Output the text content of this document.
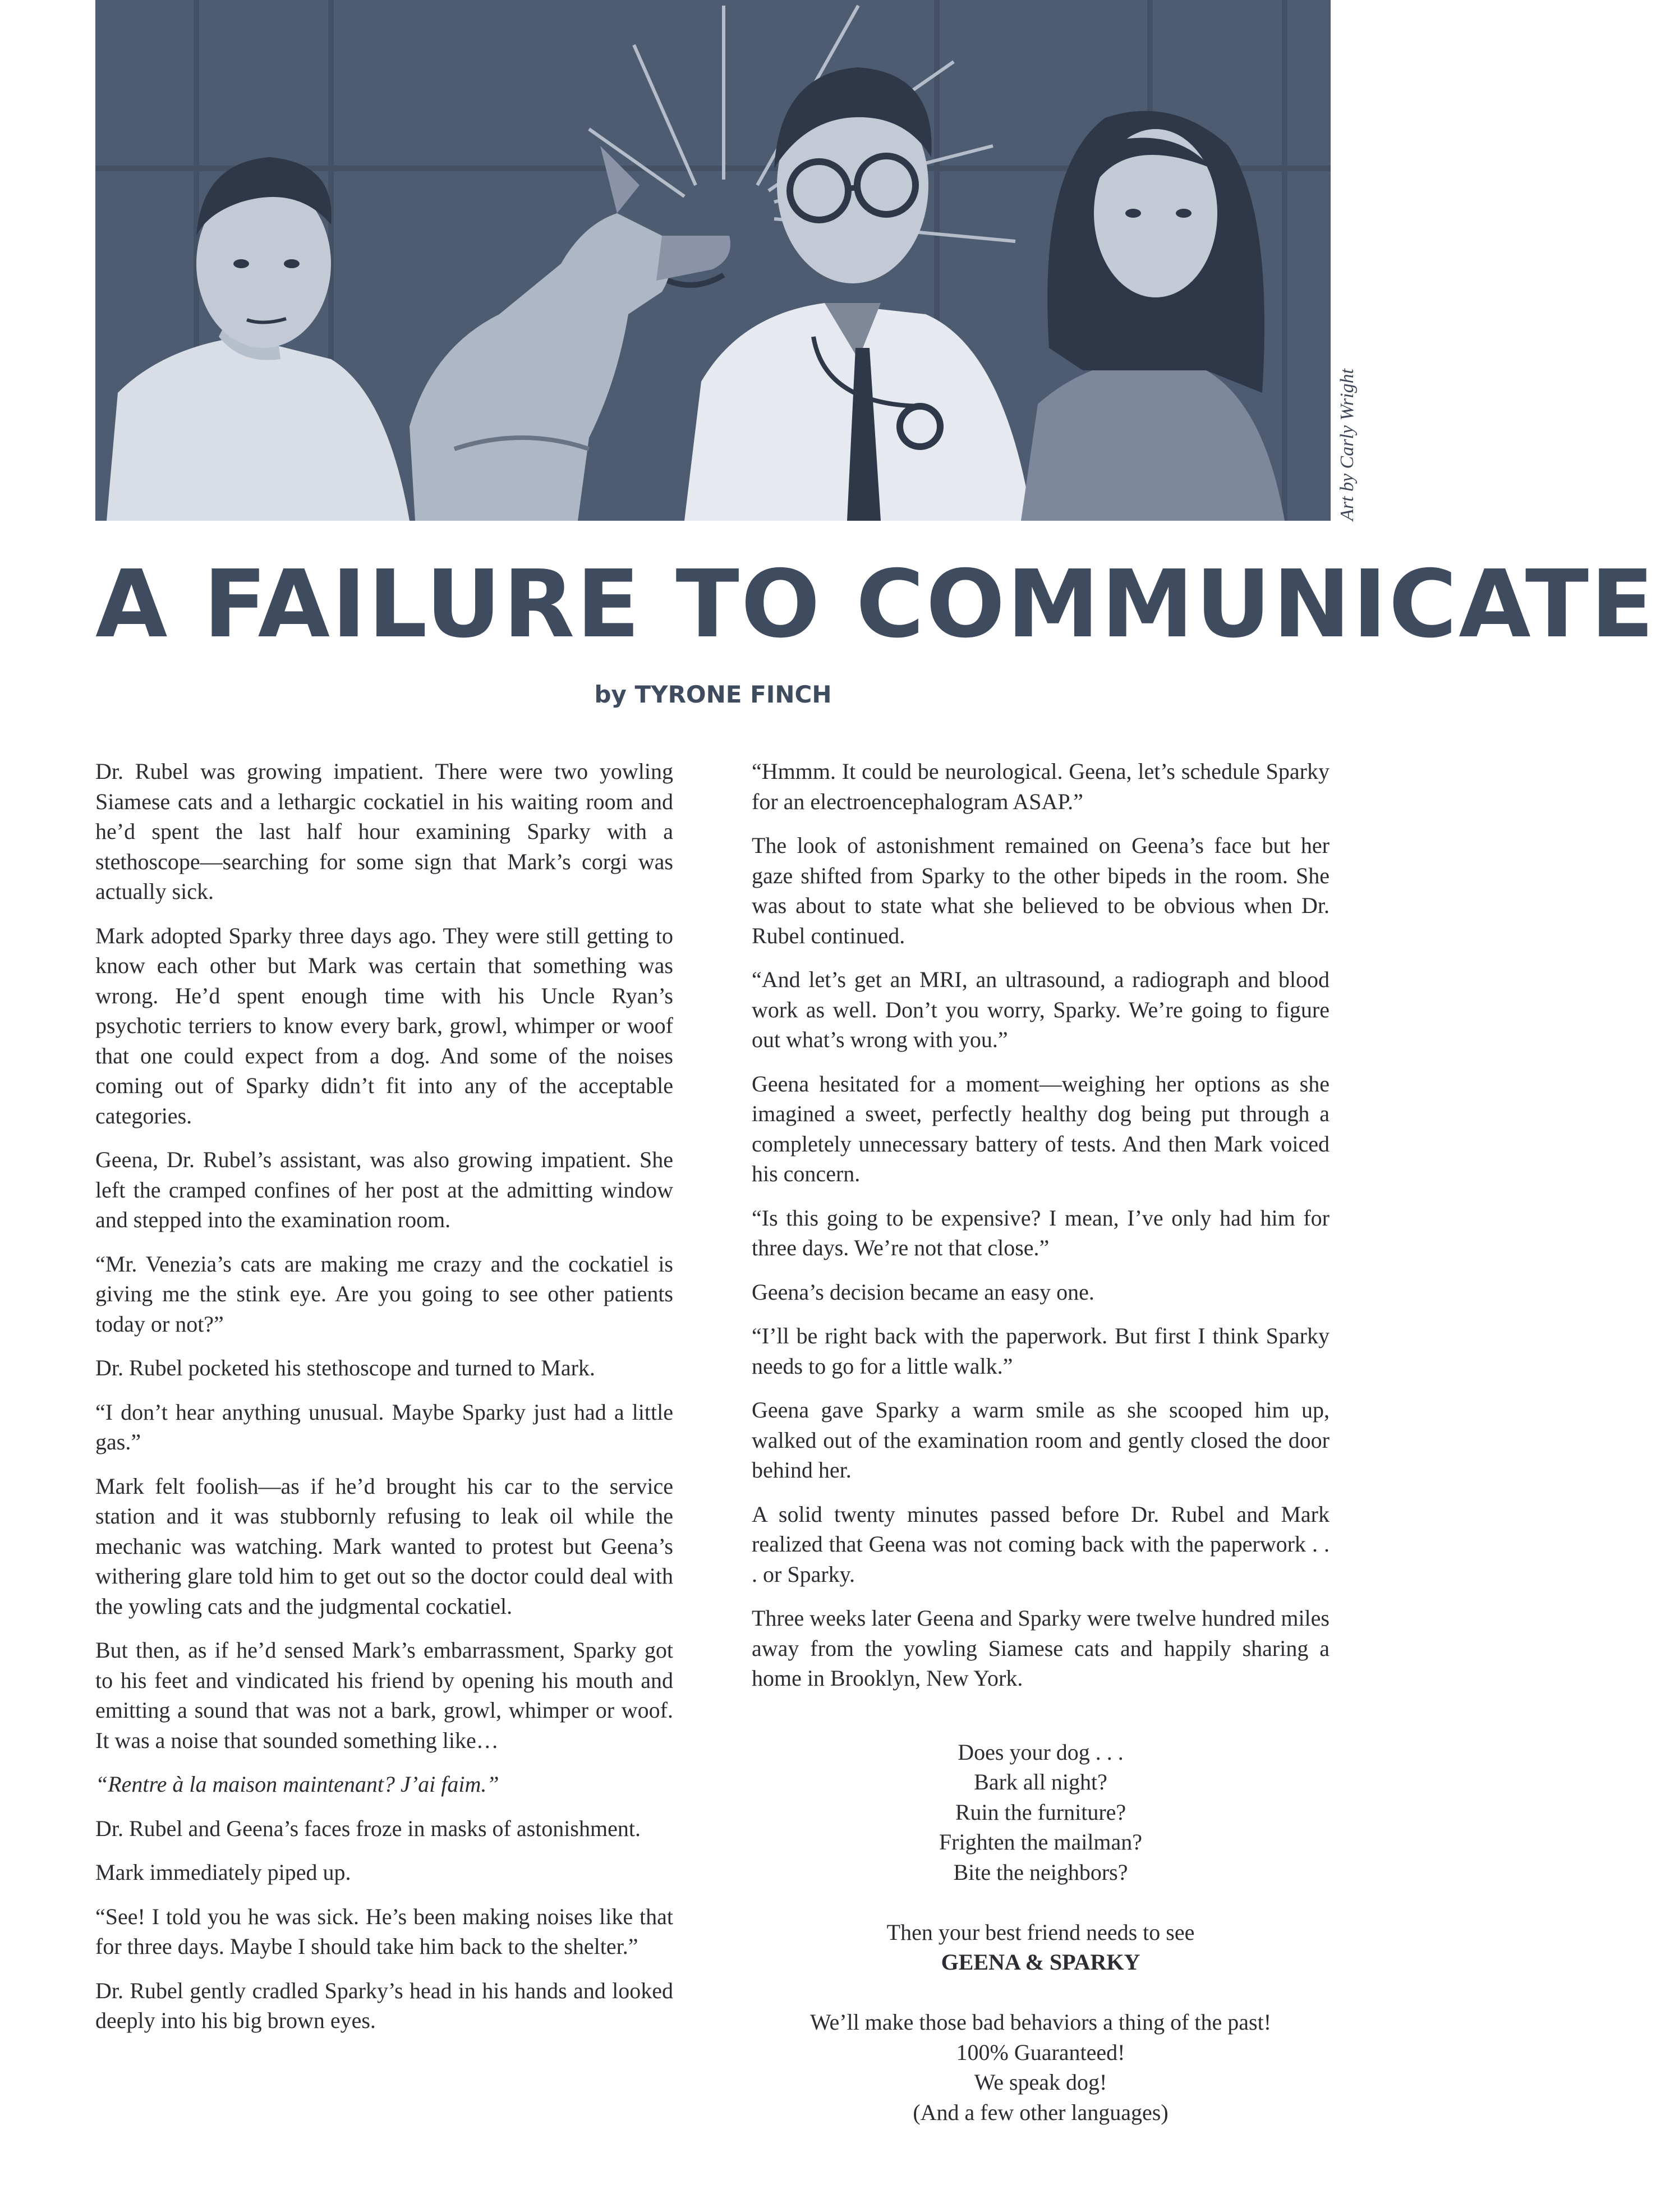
Art by Carly Wright
A FAILURE TO COMMUNICATE
by TYRONE FINCH

Dr. Rubel was growing impatient. There were two yowling Siamese cats and a lethargic cockatiel in his waiting room and he’d spent the last half hour examining Sparky with a stethoscope—searching for some sign that Mark’s corgi was actually sick.

Mark adopted Sparky three days ago. They were still getting to know each other but Mark was certain that something was wrong. He’d spent enough time with his Uncle Ryan’s psychotic terriers to know every bark, growl, whimper or woof that one could expect from a dog. And some of the noises coming out of Sparky didn’t fit into any of the acceptable categories.

Geena, Dr. Rubel’s assistant, was also growing impatient. She left the cramped confines of her post at the admitting window and stepped into the examination room.

“Mr. Venezia’s cats are making me crazy and the cockatiel is giving me the stink eye. Are you going to see other patients today or not?”

Dr. Rubel pocketed his stethoscope and turned to Mark.

“I don’t hear anything unusual. Maybe Sparky just had a little gas.”

Mark felt foolish—as if he’d brought his car to the service station and it was stubbornly refusing to leak oil while the mechanic was watching. Mark wanted to protest but Geena’s withering glare told him to get out so the doctor could deal with the yowling cats and the judgmental cockatiel.

But then, as if he’d sensed Mark’s embarrassment, Sparky got to his feet and vindicated his friend by opening his mouth and emitting a sound that was not a bark, growl, whimper or woof. It was a noise that sounded something like…

“Rentre à la maison maintenant? J’ai faim.”

Dr. Rubel and Geena’s faces froze in masks of astonishment.

Mark immediately piped up.

“See! I told you he was sick. He’s been making noises like that for three days. Maybe I should take him back to the shelter.”

Dr. Rubel gently cradled Sparky’s head in his hands and looked deeply into his big brown eyes.

“Hmmm. It could be neurological. Geena, let’s schedule Sparky for an electroencephalogram ASAP.”

The look of astonishment remained on Geena’s face but her gaze shifted from Sparky to the other bipeds in the room. She was about to state what she believed to be obvious when Dr. Rubel continued.

“And let’s get an MRI, an ultrasound, a radiograph and blood work as well. Don’t you worry, Sparky. We’re going to figure out what’s wrong with you.”

Geena hesitated for a moment—weighing her options as she imagined a sweet, perfectly healthy dog being put through a completely unnecessary battery of tests. And then Mark voiced his concern.

“Is this going to be expensive? I mean, I’ve only had him for three days. We’re not that close.”

Geena’s decision became an easy one.

“I’ll be right back with the paperwork. But first I think Sparky needs to go for a little walk.”

Geena gave Sparky a warm smile as she scooped him up, walked out of the examination room and gently closed the door behind her.

A solid twenty minutes passed before Dr. Rubel and Mark realized that Geena was not coming back with the paperwork . . . or Sparky.

Three weeks later Geena and Sparky were twelve hundred miles away from the yowling Siamese cats and happily sharing a home in Brooklyn, New York.

Does your dog . . .
Bark all night?
Ruin the furniture?
Frighten the mailman?
Bite the neighbors?
Then your best friend needs to see
GEENA & SPARKY
We’ll make those bad behaviors a thing of the past!
100% Guaranteed!
We speak dog!
(And a few other languages)
